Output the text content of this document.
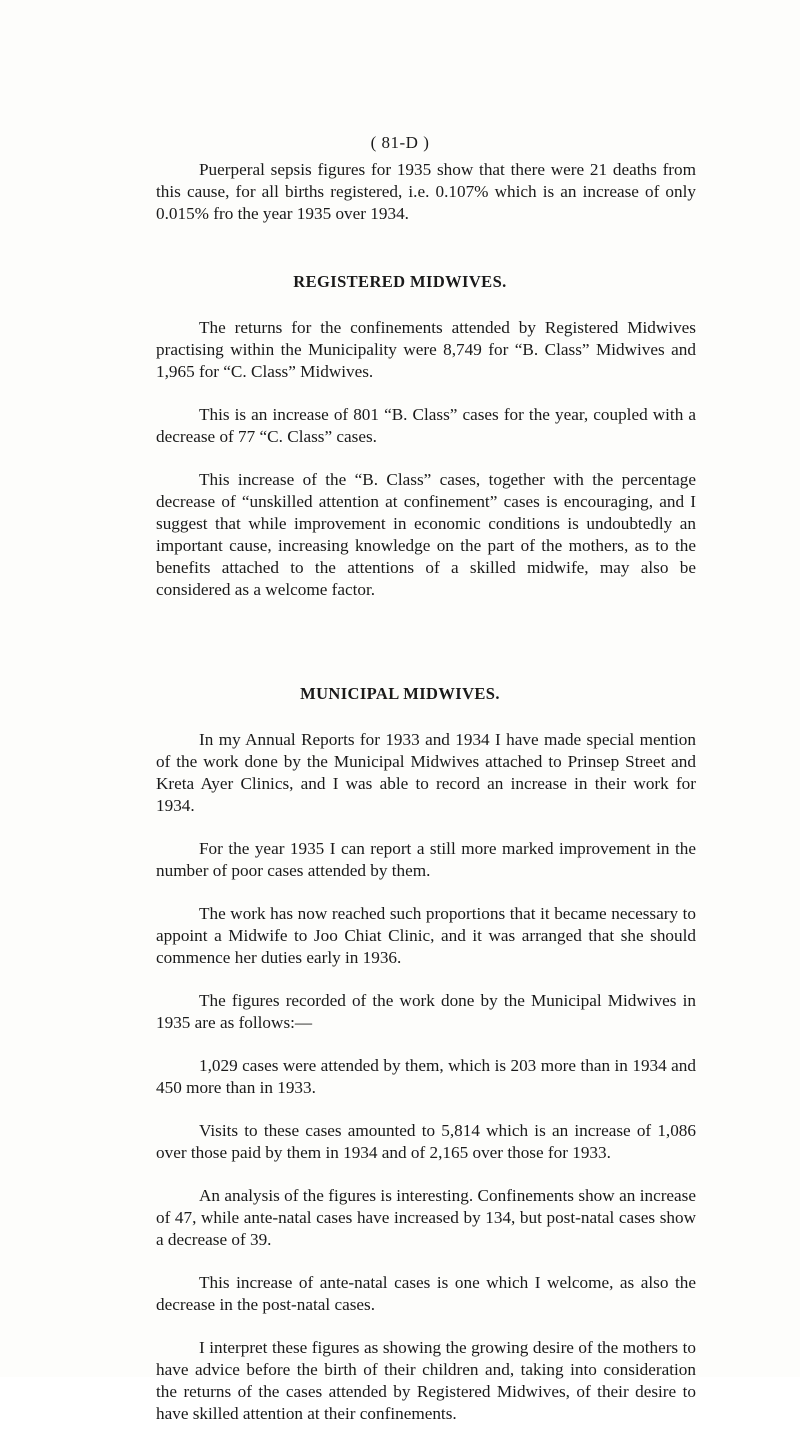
( 81-D )

Puerperal sepsis figures for 1935 show that there were 21 deaths from this cause, for all births registered, i.e. 0.107% which is an increase of only 0.015% fro the year 1935 over 1934.

REGISTERED MIDWIVES.

The returns for the confinements attended by Registered Midwives practising within the Municipality were 8,749 for “B. Class” Midwives and 1,965 for “C. Class” Midwives.

This is an increase of 801 “B. Class” cases for the year, coupled with a decrease of 77 “C. Class” cases.

This increase of the “B. Class” cases, together with the percentage decrease of “unskilled attention at confinement” cases is encouraging, and I suggest that while improvement in economic conditions is undoubtedly an important cause, increasing knowledge on the part of the mothers, as to the benefits attached to the attentions of a skilled midwife, may also be considered as a welcome factor.

MUNICIPAL MIDWIVES.

In my Annual Reports for 1933 and 1934 I have made special mention of the work done by the Municipal Midwives attached to Prinsep Street and Kreta Ayer Clinics, and I was able to record an increase in their work for 1934.

For the year 1935 I can report a still more marked improvement in the number of poor cases attended by them.

The work has now reached such proportions that it became necessary to appoint a Midwife to Joo Chiat Clinic, and it was arranged that she should commence her duties early in 1936.

The figures recorded of the work done by the Municipal Midwives in 1935 are as follows:—

1,029 cases were attended by them, which is 203 more than in 1934 and 450 more than in 1933.

Visits to these cases amounted to 5,814 which is an increase of 1,086 over those paid by them in 1934 and of 2,165 over those for 1933.

An analysis of the figures is interesting. Confinements show an increase of 47, while ante-natal cases have increased by 134, but post-natal cases show a decrease of 39.

This increase of ante-natal cases is one which I welcome, as also the decrease in the post-natal cases.

I interpret these figures as showing the growing desire of the mothers to have advice before the birth of their children and, taking into consideration the returns of the cases attended by Registered Midwives, of their desire to have skilled attention at their confinements.
